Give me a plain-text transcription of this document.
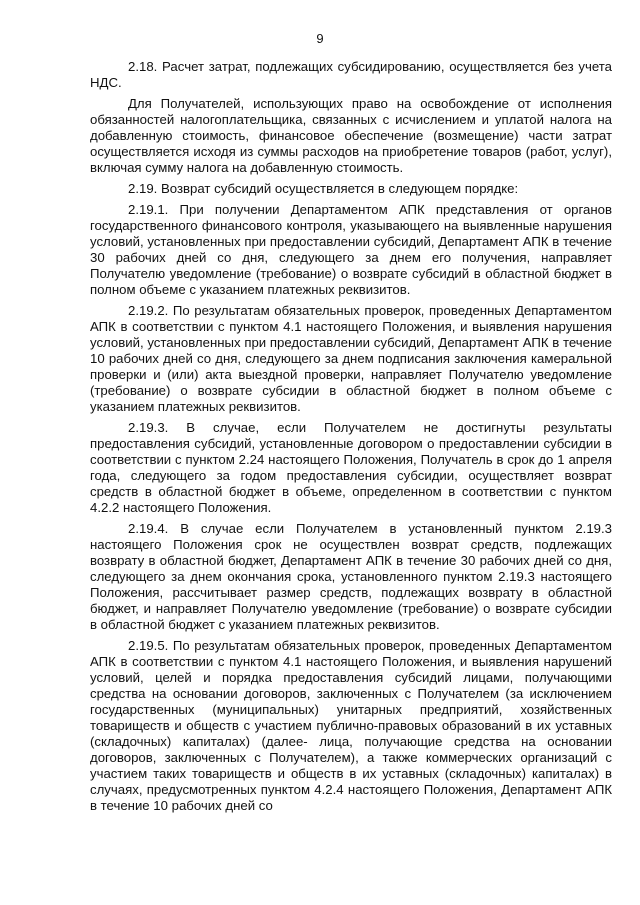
9

2.18. Расчет затрат, подлежащих субсидированию, осуществляется без учета НДС.

Для Получателей, использующих право на освобождение от исполнения обязанностей налогоплательщика, связанных с исчислением и уплатой налога на добавленную стоимость, финансовое обеспечение (возмещение) части затрат осуществляется исходя из суммы расходов на приобретение товаров (работ, услуг), включая сумму налога на добавленную стоимость.

2.19. Возврат субсидий осуществляется в следующем порядке:

2.19.1. При получении Департаментом АПК представления от органов государственного финансового контроля, указывающего на выявленные нарушения условий, установленных при предоставлении субсидий, Департамент АПК в течение 30 рабочих дней со дня, следующего за днем его получения, направляет Получателю уведомление (требование) о возврате субсидий в областной бюджет в полном объеме с указанием платежных реквизитов.

2.19.2. По результатам обязательных проверок, проведенных Департаментом АПК в соответствии с пунктом 4.1 настоящего Положения, и выявления нарушения условий, установленных при предоставлении субсидий, Департамент АПК в течение 10 рабочих дней со дня, следующего за днем подписания заключения камеральной проверки и (или) акта выездной проверки, направляет Получателю уведомление (требование) о возврате субсидии в областной бюджет в полном объеме с указанием платежных реквизитов.

2.19.3. В случае, если Получателем не достигнуты результаты предоставления субсидий, установленные договором о предоставлении субсидии в соответствии с пунктом 2.24 настоящего Положения, Получатель в срок до 1 апреля года, следующего за годом предоставления субсидии, осуществляет возврат средств в областной бюджет в объеме, определенном в соответствии с пунктом 4.2.2 настоящего Положения.

2.19.4. В случае если Получателем в установленный пунктом 2.19.3 настоящего Положения срок не осуществлен возврат средств, подлежащих возврату в областной бюджет, Департамент АПК в течение 30 рабочих дней со дня, следующего за днем окончания срока, установленного пунктом 2.19.3 настоящего Положения, рассчитывает размер средств, подлежащих возврату в областной бюджет, и направляет Получателю уведомление (требование) о возврате субсидии в областной бюджет с указанием платежных реквизитов.

2.19.5. По результатам обязательных проверок, проведенных Департаментом АПК в соответствии с пунктом 4.1 настоящего Положения, и выявления нарушений условий, целей и порядка предоставления субсидий лицами, получающими средства на основании договоров, заключенных с Получателем (за исключением государственных (муниципальных) унитарных предприятий, хозяйственных товариществ и обществ с участием публично-правовых образований в их уставных (складочных) капиталах) (далее- лица, получающие средства на основании договоров, заключенных с Получателем), а также коммерческих организаций с участием таких товариществ и обществ в их уставных (складочных) капиталах) в случаях, предусмотренных пунктом 4.2.4 настоящего Положения, Департамент АПК в течение 10 рабочих дней со
